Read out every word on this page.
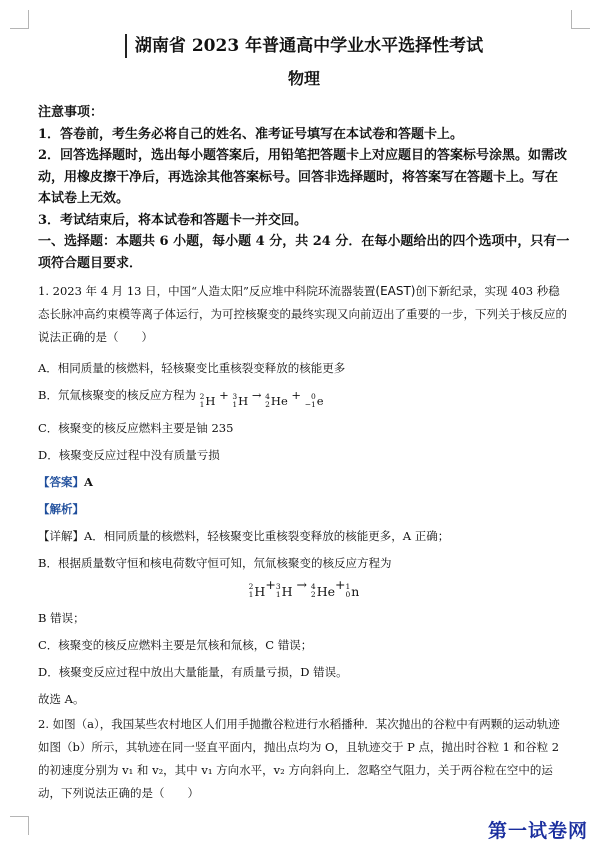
湖南省 2023 年普通高中学业水平选择性考试
物理

注意事项：

1．答卷前，考生务必将自己的姓名、准考证号填写在本试卷和答题卡上。

2．回答选择题时，选出每小题答案后，用铅笔把答题卡上对应题目的答案标号涂黑。如需改动，用橡皮擦干净后，再选涂其他答案标号。回答非选择题时，将答案写在答题卡上。写在本试卷上无效。

3．考试结束后，将本试卷和答题卡一并交回。

一、选择题：本题共 6 小题，每小题 4 分，共 24 分．在每小题给出的四个选项中，只有一项符合题目要求．

1. 2023 年 4 月 13 日，中国“人造太阳”反应堆中科院环流器装置(EAST)创下新纪录，实现 403 秒稳态长脉冲高约束模等离子体运行，为可控核聚变的最终实现又向前迈出了重要的一步，下列关于核反应的说法正确的是（　　）

A．相同质量的核燃料，轻核聚变比重核裂变释放的核能更多

B．氘氚核聚变的核反应方程为 2
1 H + 3
1 H → 4
2 He + 0
−1 e

C．核聚变的核反应燃料主要是铀 235

D．核聚变反应过程中没有质量亏损

【答案】A
【解析】
【详解】A．相同质量的核燃料，轻核聚变比重核裂变释放的核能更多，A 正确；
B．根据质量数守恒和核电荷数守恒可知，氘氚核聚变的核反应方程为
2
1 H+ 3
1 H → 4
2 He+ 1
0 n
B 错误；
C．核聚变的核反应燃料主要是氘核和氚核，C 错误；
D．核聚变反应过程中放出大量能量，有质量亏损，D 错误。
故选 A。

2. 如图（a），我国某些农村地区人们用手抛撒谷粒进行水稻播种．某次抛出的谷粒中有两颗的运动轨迹如图（b）所示，其轨迹在同一竖直平面内，抛出点均为 O，且轨迹交于 P 点，抛出时谷粒 1 和谷粒 2 的初速度分别为 v₁ 和 v₂，其中 v₁ 方向水平，v₂ 方向斜向上．忽略空气阻力，关于两谷粒在空中的运动，下列说法正确的是（　　）

第一试卷网
